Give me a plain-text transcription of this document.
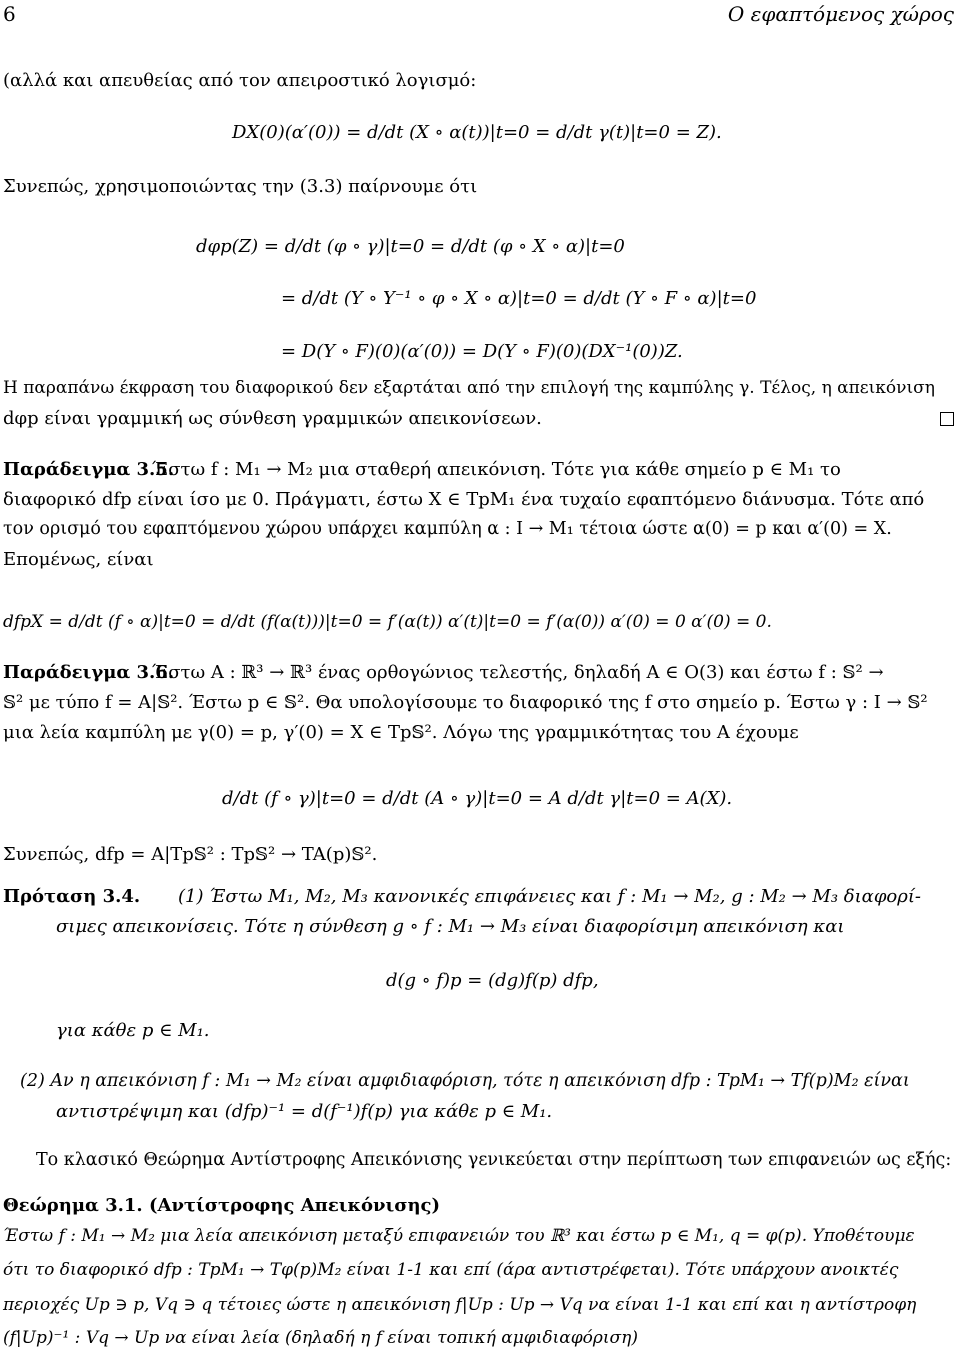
6	Ο εφαπτόμενος χώρος
(αλλά και απευθείας από τον απειροστικό λογισμό:
DX(0)(α′(0)) = d/dt (X ∘ α(t))|t=0 = d/dt γ(t)|t=0 = Z).
Συνεπώς, χρησιμοποιώντας την (3.3) παίρνουμε ότι
dφp(Z) = d/dt (φ ∘ γ)|t=0 = d/dt (φ ∘ X ∘ α)|t=0
= d/dt (Y ∘ Y⁻¹ ∘ φ ∘ X ∘ α)|t=0 = d/dt (Y ∘ F ∘ α)|t=0
= D(Y ∘ F)(0)(α′(0)) = D(Y ∘ F)(0)(DX⁻¹(0))Z.
Η παραπάνω έκφραση του διαφορικού δεν εξαρτάται από την επιλογή της καμπύλης γ. Τέλος, η απεικόνιση
dφp είναι γραμμική ως σύνθεση γραμμικών απεικονίσεων.
Παράδειγμα 3.5.
Έστω f : M₁ → M₂ μια σταθερή απεικόνιση. Τότε για κάθε σημείο p ∈ M₁ το
διαφορικό dfp είναι ίσο με 0. Πράγματι, έστω X ∈ TpM₁ ένα τυχαίο εφαπτόμενο διάνυσμα. Τότε από
τον ορισμό του εφαπτόμενου χώρου υπάρχει καμπύλη α : I → M₁ τέτοια ώστε α(0) = p και α′(0) = X.
Επομένως, είναι
dfpX = d/dt (f ∘ α)|t=0 = d/dt (f(α(t)))|t=0 = f′(α(t)) α′(t)|t=0 = f′(α(0)) α′(0) = 0 α′(0) = 0.
Παράδειγμα 3.6.
Έστω A : ℝ³ → ℝ³ ένας ορθογώνιος τελεστής, δηλαδή A ∈ O(3) και έστω f : 𝕊² →
𝕊² με τύπο f = A|𝕊². Έστω p ∈ 𝕊². Θα υπολογίσουμε το διαφορικό της f στο σημείο p. Έστω γ : I → 𝕊²
μια λεία καμπύλη με γ(0) = p, γ′(0) = X ∈ Tp𝕊². Λόγω της γραμμικότητας του A έχουμε
d/dt (f ∘ γ)|t=0 = d/dt (A ∘ γ)|t=0 = A d/dt γ|t=0 = A(X).
Συνεπώς, dfp = A|Tp𝕊² : Tp𝕊² → TA(p)𝕊².
Πρόταση 3.4. (1) Έστω M₁, M₂, M₃ κανονικές επιφάνειες και f : M₁ → M₂, g : M₂ → M₃ διαφορί-
σιμες απεικονίσεις. Τότε η σύνθεση g ∘ f : M₁ → M₃ είναι διαφορίσιμη απεικόνιση και
d(g ∘ f)p = (dg)f(p) dfp,
για κάθε p ∈ M₁.
(2) Αν η απεικόνιση f : M₁ → M₂ είναι αμφιδιαφόριση, τότε η απεικόνιση dfp : TpM₁ → Tf(p)M₂ είναι
αντιστρέψιμη και (dfp)⁻¹ = d(f⁻¹)f(p) για κάθε p ∈ M₁.
Το κλασικό Θεώρημα Αντίστροφης Απεικόνισης γενικεύεται στην περίπτωση των επιφανειών ως εξής:
Θεώρημα 3.1. (Αντίστροφης Απεικόνισης)
Έστω f : M₁ → M₂ μια λεία απεικόνιση μεταξύ επιφανειών του ℝ³ και έστω p ∈ M₁, q = φ(p). Υποθέτουμε
ότι το διαφορικό dfp : TpM₁ → Tφ(p)M₂ είναι 1-1 και επί (άρα αντιστρέφεται). Τότε υπάρχουν ανοικτές
περιοχές Up ∋ p, Vq ∋ q τέτοιες ώστε η απεικόνιση f|Up : Up → Vq να είναι 1-1 και επί και η αντίστροφη
(f|Up)⁻¹ : Vq → Up να είναι λεία (δηλαδή η f είναι τοπική αμφιδιαφόριση)
